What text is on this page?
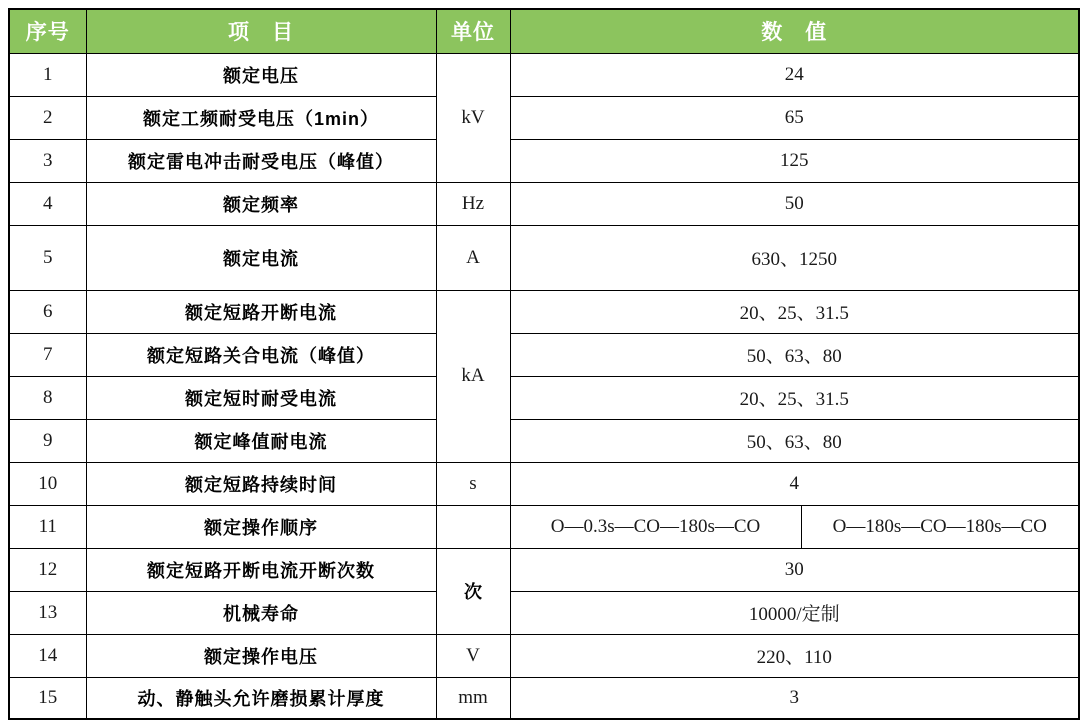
序号	项　目	单位	数　值	
1	额定电压	kV	24	
2	额定工频耐受电压（1min）		65	
3	额定雷电冲击耐受电压（峰值）		125	
4	额定频率	Hz	50	
5	额定电流	A	630、1250	
6	额定短路开断电流	kA	20、25、31.5	
7	额定短路关合电流（峰值）		50、63、80	
8	额定短时耐受电流		20、25、31.5	
9	额定峰值耐电流		50、63、80	
10	额定短路持续时间	s	4	
11	额定操作顺序		O—0.3s—CO—180s—CO	O—180s—CO—180s—CO
12	额定短路开断电流开断次数	次	30	
13	机械寿命		10000/定制	
14	额定操作电压	V	220、110	
15	动、静触头允许磨损累计厚度	mm	3	
